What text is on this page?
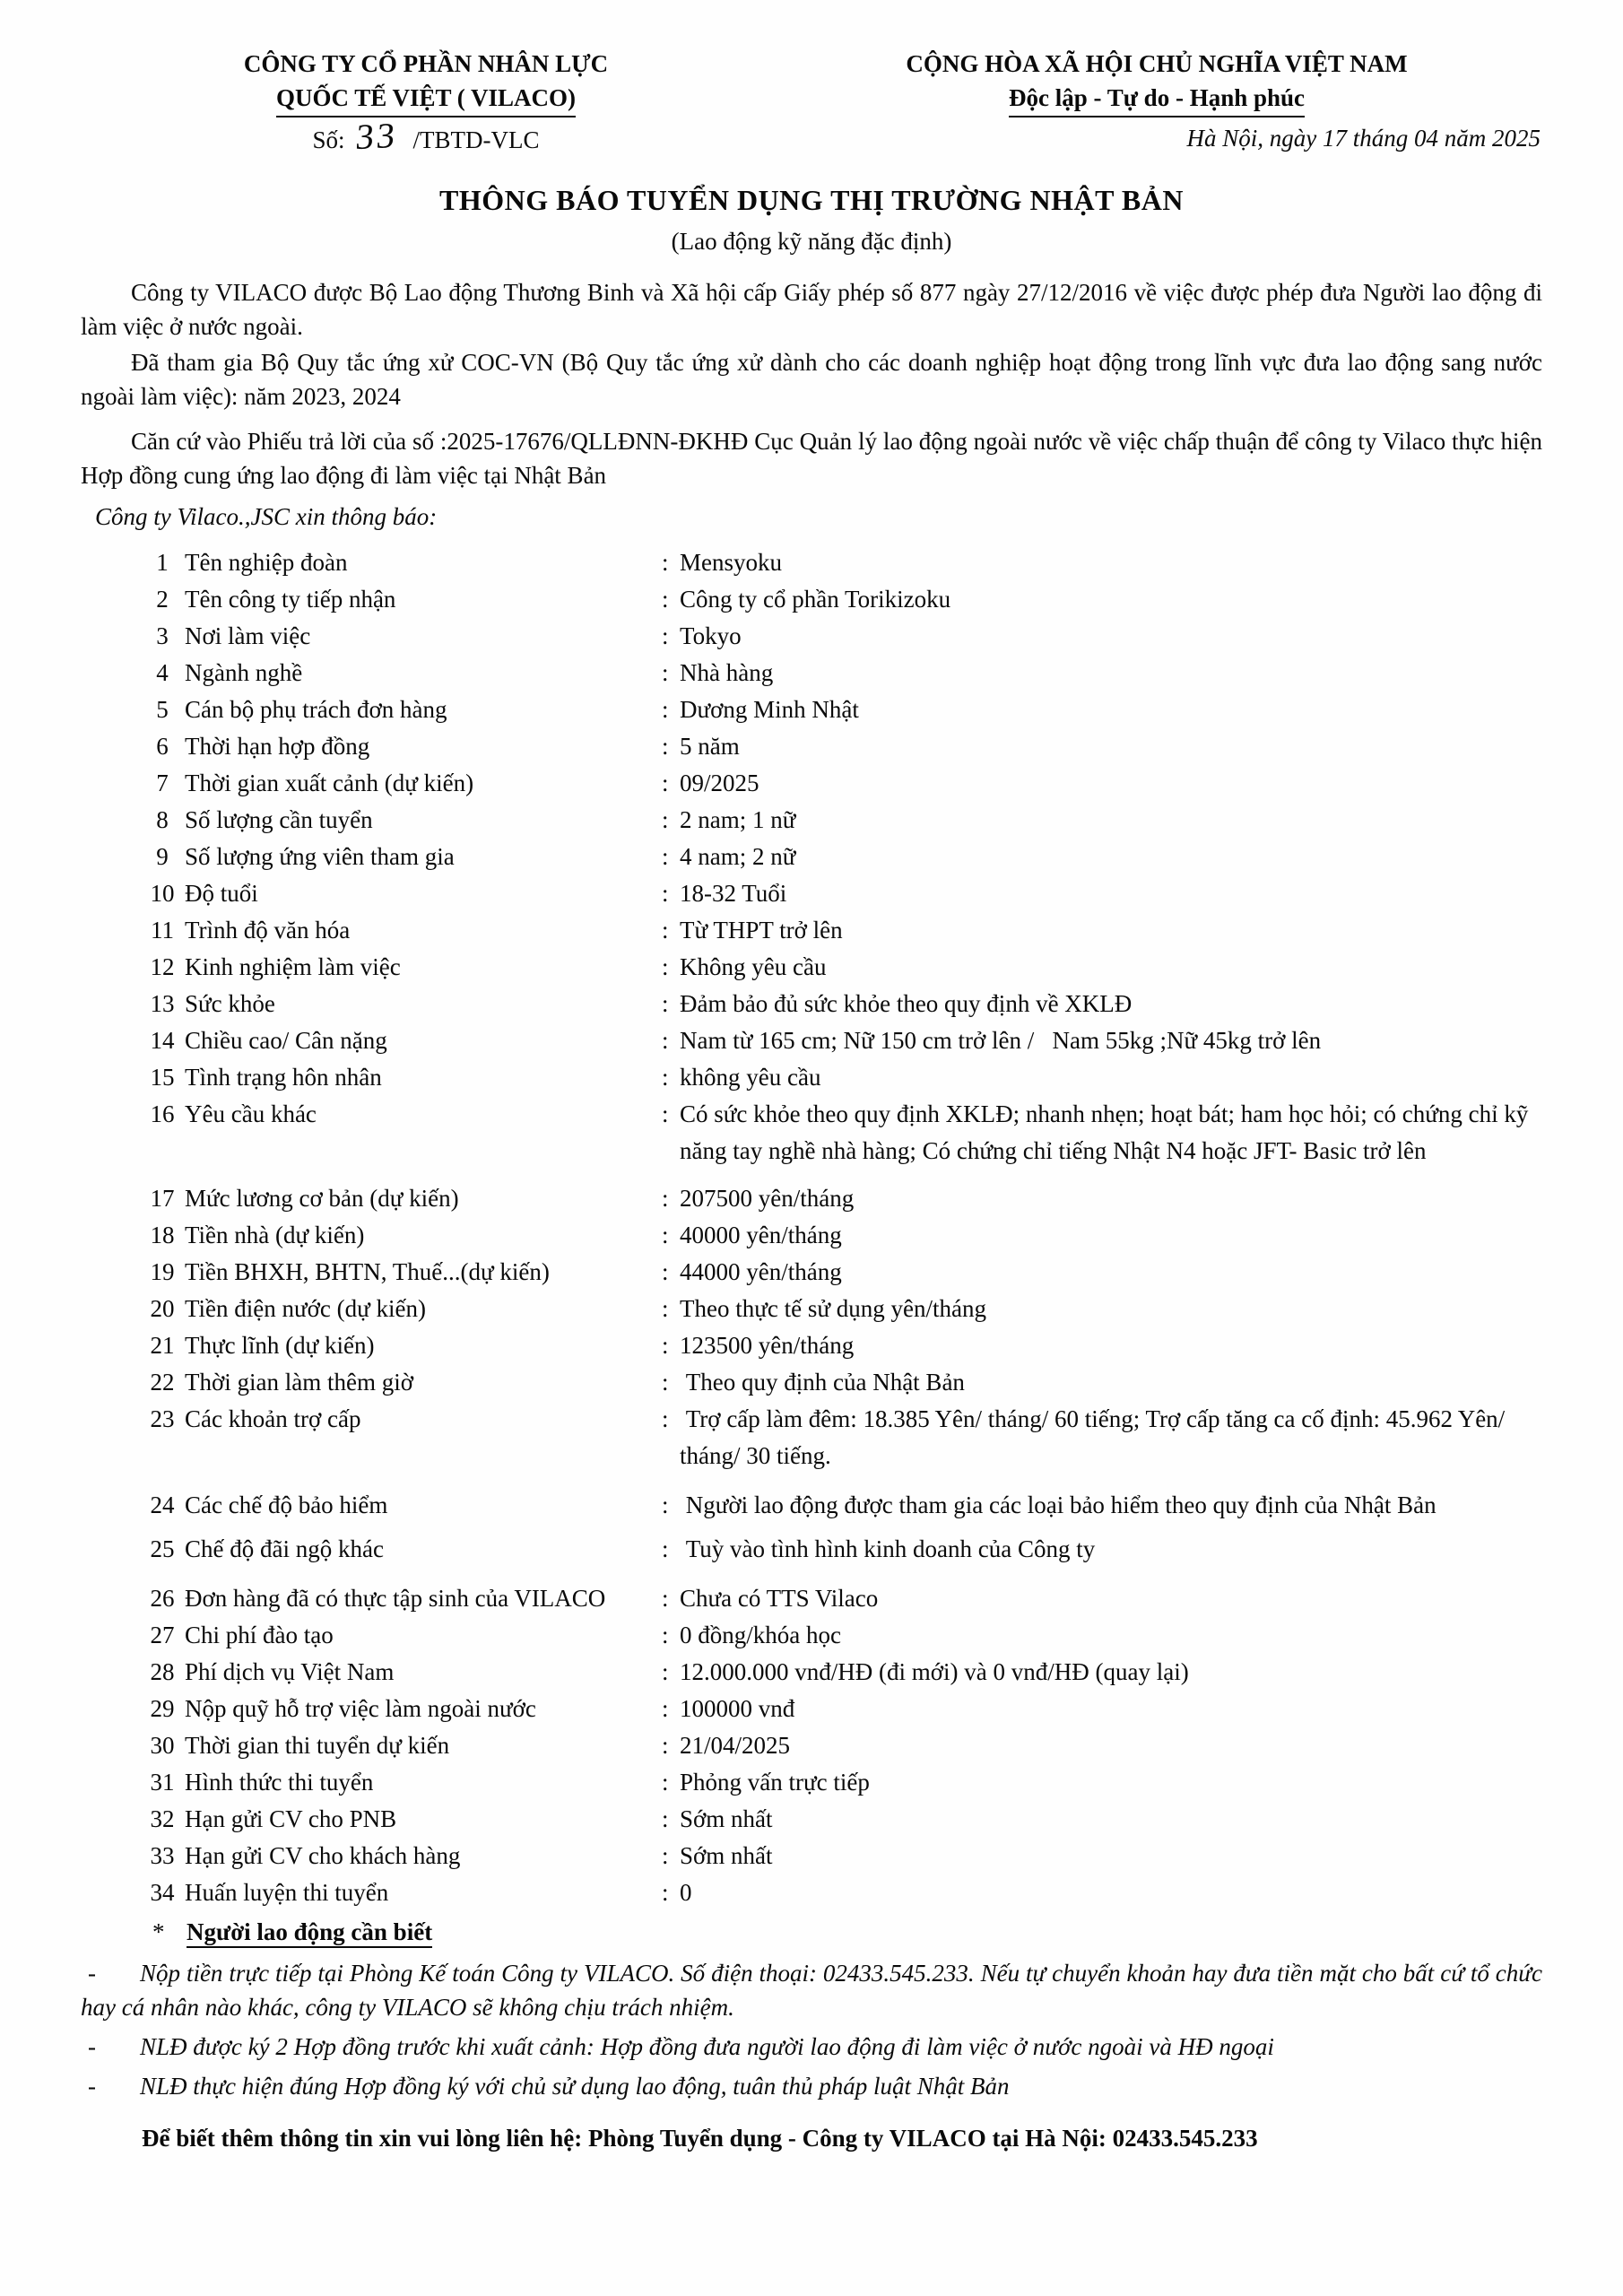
CÔNG TY CỔ PHẦN NHÂN LỰC
QUỐC TẾ VIỆT ( VILACO)
Số: 33 /TBTD-VLC
CỘNG HÒA XÃ HỘI CHỦ NGHĨA VIỆT NAM
Độc lập - Tự do - Hạnh phúc
Hà Nội, ngày 17 tháng 04 năm 2025
THÔNG BÁO TUYỂN DỤNG THỊ TRƯỜNG NHẬT BẢN
(Lao động kỹ năng đặc định)

Công ty VILACO được Bộ Lao động Thương Binh và Xã hội cấp Giấy phép số 877 ngày 27/12/2016 về việc được phép đưa Người lao động đi làm việc ở nước ngoài.

Đã tham gia Bộ Quy tắc ứng xử COC-VN (Bộ Quy tắc ứng xử dành cho các doanh nghiệp hoạt động trong lĩnh vực đưa lao động sang nước ngoài làm việc): năm 2023, 2024

Căn cứ vào Phiếu trả lời của số :2025-17676/QLLĐNN-ĐKHĐ Cục Quản lý lao động ngoài nước về việc chấp thuận để công ty Vilaco thực hiện Hợp đồng cung ứng lao động đi làm việc tại Nhật Bản

Công ty Vilaco.,JSC xin thông báo:

1 Tên nghiệp đoàn	: Mensyoku
2 Tên công ty tiếp nhận	: Công ty cổ phần Torikizoku
3 Nơi làm việc	: Tokyo
4 Ngành nghề	: Nhà hàng
5 Cán bộ phụ trách đơn hàng	: Dương Minh Nhật
6 Thời hạn hợp đồng	: 5 năm
7 Thời gian xuất cảnh (dự kiến)	: 09/2025
8 Số lượng cần tuyển	: 2 nam; 1 nữ
9 Số lượng ứng viên tham gia	: 4 nam; 2 nữ
10 Độ tuổi	: 18-32 Tuổi
11 Trình độ văn hóa	: Từ THPT trở lên
12 Kinh nghiệm làm việc	: Không yêu cầu
13 Sức khỏe	: Đảm bảo đủ sức khỏe theo quy định về XKLĐ
14 Chiều cao/ Cân nặng	: Nam từ 165 cm; Nữ 150 cm trở lên /   Nam 55kg ;Nữ 45kg trở lên
15 Tình trạng hôn nhân	: không yêu cầu
16 Yêu cầu khác	: Có sức khỏe theo quy định XKLĐ; nhanh nhẹn; hoạt bát; ham học hỏi; có chứng chỉ kỹ năng tay nghề nhà hàng; Có chứng chỉ tiếng Nhật N4 hoặc JFT- Basic trở lên
17 Mức lương cơ bản (dự kiến)	: 207500 yên/tháng
18 Tiền nhà (dự kiến)	: 40000 yên/tháng
19 Tiền BHXH, BHTN, Thuế...(dự kiến)	: 44000 yên/tháng
20 Tiền điện nước (dự kiến)	: Theo thực tế sử dụng yên/tháng
21 Thực lĩnh (dự kiến)	: 123500 yên/tháng
22 Thời gian làm thêm giờ	: Theo quy định của Nhật Bản
23 Các khoản trợ cấp	: Trợ cấp làm đêm: 18.385 Yên/ tháng/ 60 tiếng; Trợ cấp tăng ca cố định: 45.962 Yên/ tháng/ 30 tiếng.
24 Các chế độ bảo hiểm	: Người lao động được tham gia các loại bảo hiểm theo quy định của Nhật Bản
25 Chế độ đãi ngộ khác	: Tuỳ vào tình hình kinh doanh của Công ty
26 Đơn hàng đã có thực tập sinh của VILACO	: Chưa có TTS Vilaco
27 Chi phí đào tạo	: 0 đồng/khóa học
28 Phí dịch vụ Việt Nam	: 12.000.000 vnđ/HĐ (đi mới) và 0 vnđ/HĐ (quay lại)
29 Nộp quỹ hỗ trợ việc làm ngoài nước	: 100000 vnđ
30 Thời gian thi tuyển dự kiến	: 21/04/2025
31 Hình thức thi tuyển	: Phỏng vấn trực tiếp
32 Hạn gửi CV cho PNB	: Sớm nhất
33 Hạn gửi CV cho khách hàng	: Sớm nhất
34 Huấn luyện thi tuyển	: 0
* Người lao động cần biết

- Nộp tiền trực tiếp tại Phòng Kế toán Công ty VILACO. Số điện thoại: 02433.545.233. Nếu tự chuyển khoản hay đưa tiền mặt cho bất cứ tổ chức hay cá nhân nào khác, công ty VILACO sẽ không chịu trách nhiệm.

- NLĐ được ký 2 Hợp đồng trước khi xuất cảnh: Hợp đồng đưa người lao động đi làm việc ở nước ngoài và HĐ ngoại

- NLĐ thực hiện đúng Hợp đồng ký với chủ sử dụng lao động, tuân thủ pháp luật Nhật Bản

Để biết thêm thông tin xin vui lòng liên hệ: Phòng Tuyển dụng - Công ty VILACO tại Hà Nội: 02433.545.233
